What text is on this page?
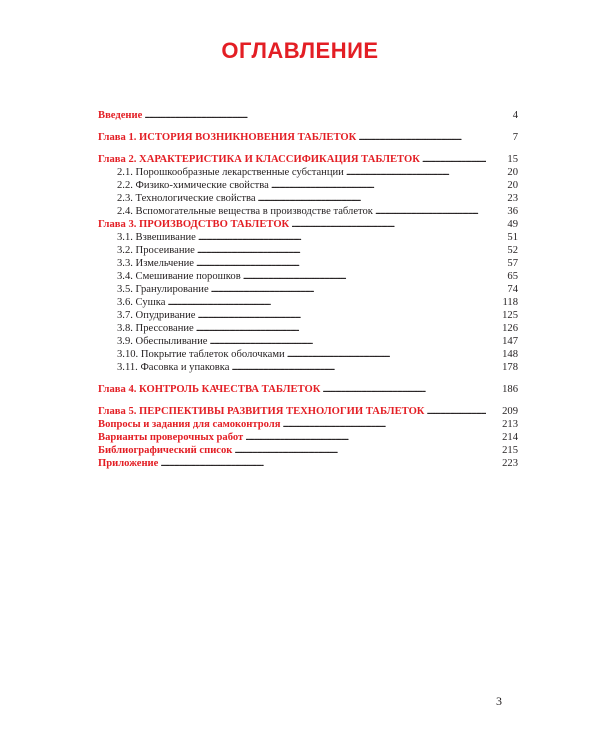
ОГЛАВЛЕНИЕ
Введение . . .	4
Глава 1. ИСТОРИЯ ВОЗНИКНОВЕНИЯ ТАБЛЕТОК . . .	7
Глава 2. ХАРАКТЕРИСТИКА И КЛАССИФИКАЦИЯ ТАБЛЕТОК . . .	15
2.1. Порошкообразные лекарственные субстанции . . .	20
2.2. Физико-химические свойства . . .	20
2.3. Технологические свойства . . .	23
2.4. Вспомогательные вещества в производстве таблеток . . .	36
Глава 3. ПРОИЗВОДСТВО ТАБЛЕТОК . . .	49
3.1. Взвешивание . . .	51
3.2. Просеивание . . .	52
3.3. Измельчение . . .	57
3.4. Смешивание порошков . . .	65
3.5. Гранулирование . . .	74
3.6. Сушка . . .	118
3.7. Опудривание . . .	125
3.8. Прессование . . .	126
3.9. Обеспыливание . . .	147
3.10. Покрытие таблеток оболочками . . .	148
3.11. Фасовка и упаковка . . .	178
Глава 4. КОНТРОЛЬ КАЧЕСТВА ТАБЛЕТОК . . .	186
Глава 5. ПЕРСПЕКТИВЫ РАЗВИТИЯ ТЕХНОЛОГИИ ТАБЛЕТОК . . .	209
Вопросы и задания для самоконтроля . . .	213
Варианты проверочных работ . . .	214
Библиографический список . . .	215
Приложение . . .	223
3
